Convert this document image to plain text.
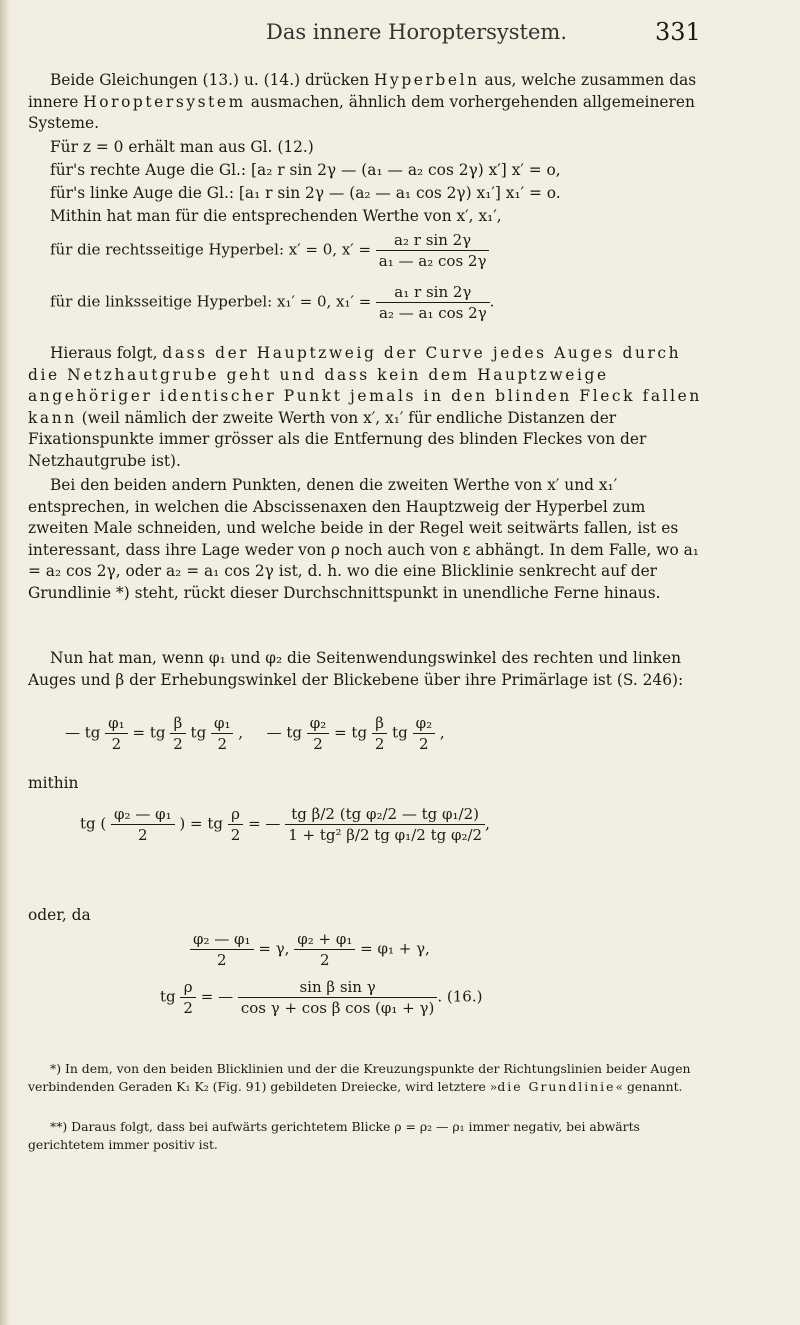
Das innere Horoptersystem.	331

Beide Gleichungen (13.) u. (14.) drücken Hyperbeln aus, welche zusammen das innere Horoptersystem ausmachen, ähnlich dem vorhergehenden allgemeineren Systeme.

Für z = 0 erhält man aus Gl. (12.)

für's rechte Auge die Gl.: [a₂ r sin 2γ — (a₁ — a₂ cos 2γ) x′] x′ = o,

für's linke Auge die Gl.: [a₁ r sin 2γ — (a₂ — a₁ cos 2γ) x₁′] x₁′ = o.

Mithin hat man für die entsprechenden Werthe von x′, x₁′,

für die rechtsseitige Hyperbel: x′ = 0, $x' = \frac{\text{a₂ r sin 2γ}}{\text{a₁ — a₂ cos 2γ}}$
für die linksseitige Hyperbel: x₁′ = 0, $x_1' = \frac{\text{a₁ r sin 2γ}}{\text{a₂ — a₁ cos 2γ}}$ .

Hieraus folgt, dass der Hauptzweig der Curve jedes Auges durch die Netzhautgrube geht und dass kein dem Hauptzweige angehöriger identischer Punkt jemals in den blinden Fleck fallen kann (weil nämlich der zweite Werth von x′, x₁′ für endliche Distanzen der Fixationspunkte immer grösser als die Entfernung des blinden Fleckes von der Netzhautgrube ist).

Bei den beiden andern Punkten, denen die zweiten Werthe von x′ und x₁′ entsprechen, in welchen die Abscissenaxen den Hauptzweig der Hyperbel zum zweiten Male schneiden, und welche beide in der Regel weit seitwärts fallen, ist es interessant, dass ihre Lage weder von ρ noch auch von ε abhängt. In dem Falle, wo a₁ = a₂ cos 2γ, oder a₂ = a₁ cos 2γ ist, d. h. wo die eine Blicklinie senkrecht auf der Grundlinie *) steht, rückt dieser Durchschnittspunkt in unendliche Ferne hinaus.

Nun hat man, wenn φ₁ und φ₂ die Seitenwendungswinkel des rechten und linken Auges und β der Erhebungswinkel der Blickebene über ihre Primärlage ist (S. 246):

— tg $\frac{\text{φ₁}}{2}$ = tg $\frac{\beta}{2}$ tg $\frac{\text{φ₁}}{2}$ , — tg $\frac{\text{φ₂}}{2}$ = tg $\frac{\beta}{2}$ tg $\frac{\text{φ₂}}{2}$ ,

mithin

tg ( $\frac{\text{φ₂ — φ₁}}{2}$ ) = tg $\frac{\rho}{2}$ = — $\frac{\text{tg β/2 (tg φ₂/2 — tg φ₁/2)}}{\text{1 + tg² β/2 tg φ₁/2 tg φ₂/2}}$ ,

oder, da

$\frac{\text{φ₂ — φ₁}}{2} = \gamma$, $\frac{\text{φ₂ + φ₁}}{2} = \varphi_1 + \gamma$,
tg $\frac{\rho}{2}$ = — $\frac{\text{sin β sin γ}}{\text{cos γ + cos β cos (φ₁ + γ)}}$ . (16.)

*) In dem, von den beiden Blicklinien und der die Kreuzungspunkte der Richtungslinien beider Augen verbindenden Geraden K₁ K₂ (Fig. 91) gebildeten Dreiecke, wird letztere »die Grundlinie« genannt.

**) Daraus folgt, dass bei aufwärts gerichtetem Blicke ρ = ρ₂ — ρ₁ immer negativ, bei abwärts gerichtetem immer positiv ist.
